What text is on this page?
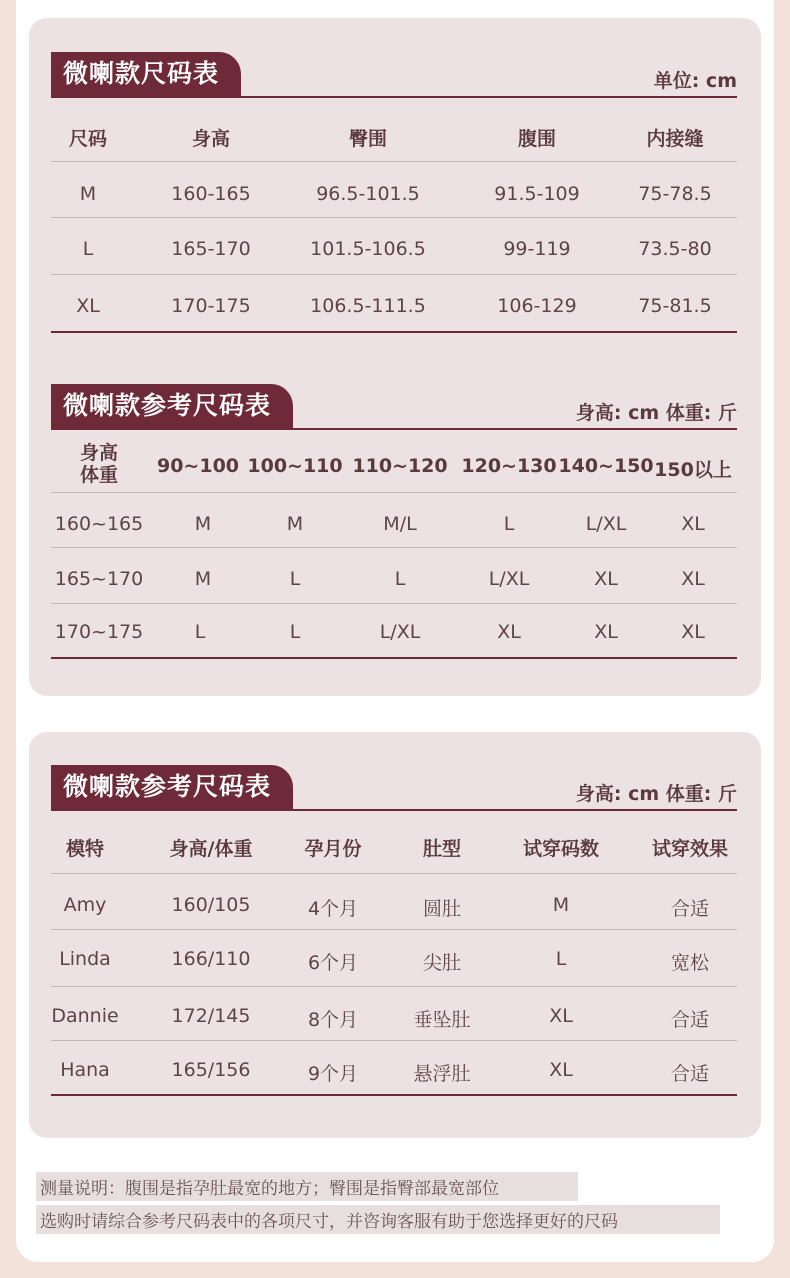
微喇款尺码表	单位: cm
尺码	身高	臀围	腹围	内接缝
M	160-165	96.5-101.5	91.5-109	75-78.5
L	165-170	101.5-106.5	99-119	73.5-80
XL	170-175	106.5-111.5	106-129	75-81.5
微喇款参考尺码表	身高: cm 体重: 斤
身高
体重 90~100 100~110 110~120 120~130 140~150 150以上
160~165	M	M	M/L	L	L/XL	XL
165~170	M	L	L	L/XL	XL	XL
170~175	L	L	L/XL	XL	XL	XL
微喇款参考尺码表	身高: cm 体重: 斤
模特	身高/体重	孕月份	肚型	试穿码数	试穿效果
Amy	160/105	4个月	圆肚	M	合适
Linda	166/110	6个月	尖肚	L	宽松
Dannie	172/145	8个月	垂坠肚	XL	合适
Hana	165/156	9个月	悬浮肚	XL	合适
测量说明：腹围是指孕肚最宽的地方；臀围是指臀部最宽部位
选购时请综合参考尺码表中的各项尺寸，并咨询客服有助于您选择更好的尺码
